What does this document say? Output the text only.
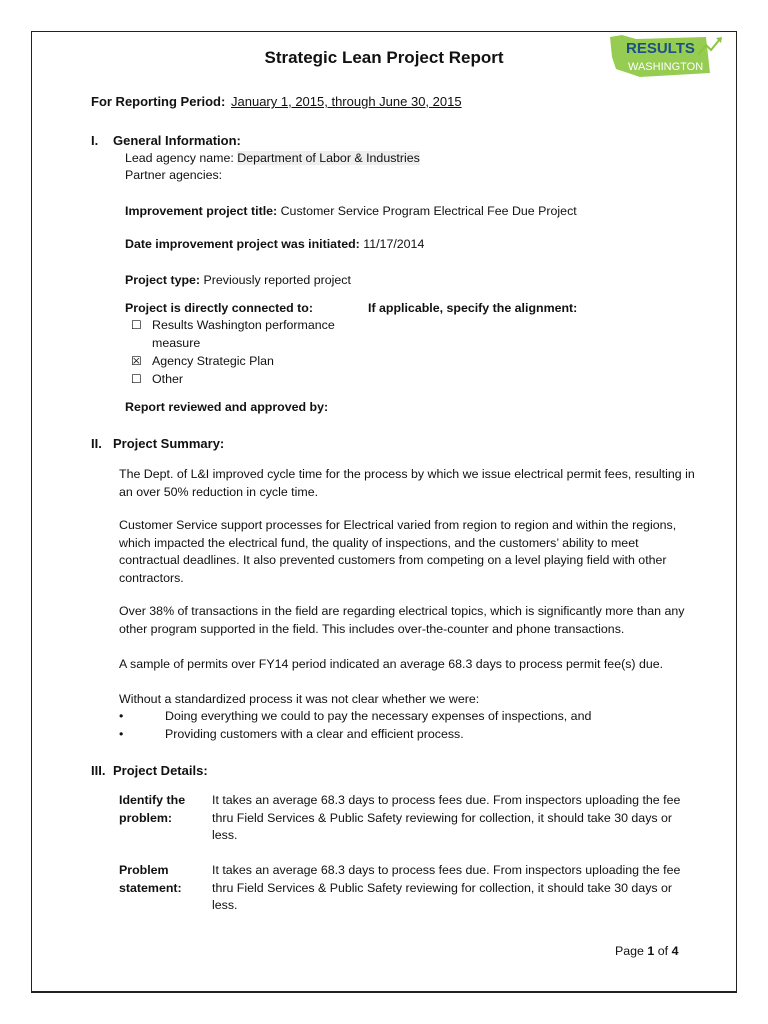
Strategic Lean Project Report	RESULTS
WASHINGTON
For Reporting Period: January 1, 2015, through June 30, 2015
I. General Information:
Lead agency name: Department of Labor & Industries
Partner agencies:
Improvement project title: Customer Service Program Electrical Fee Due Project
Date improvement project was initiated: 11/17/2014
Project type: Previously reported project
Project is directly connected to:	If applicable, specify the alignment:
☐ Results Washington performance
measure
☒ Agency Strategic Plan
☐ Other
Report reviewed and approved by:
II. Project Summary:
The Dept. of L&I improved cycle time for the process by which we issue electrical permit fees, resulting in an over 50% reduction in cycle time.
Customer Service support processes for Electrical varied from region to region and within the regions, which impacted the electrical fund, the quality of inspections, and the customers’ ability to meet contractual deadlines. It also prevented customers from competing on a level playing field with other contractors.
Over 38% of transactions in the field are regarding electrical topics, which is significantly more than any other program supported in the field. This includes over-the-counter and phone transactions.
A sample of permits over FY14 period indicated an average 68.3 days to process permit fee(s) due.
Without a standardized process it was not clear whether we were:
•	Doing everything we could to pay the necessary expenses of inspections, and
•	Providing customers with a clear and efficient process.
III. Project Details:
Identify the problem:
It takes an average 68.3 days to process fees due. From inspectors uploading the fee thru Field Services & Public Safety reviewing for collection, it should take 30 days or less.
Problem statement:
It takes an average 68.3 days to process fees due. From inspectors uploading the fee thru Field Services & Public Safety reviewing for collection, it should take 30 days or less.
Page 1 of 4
